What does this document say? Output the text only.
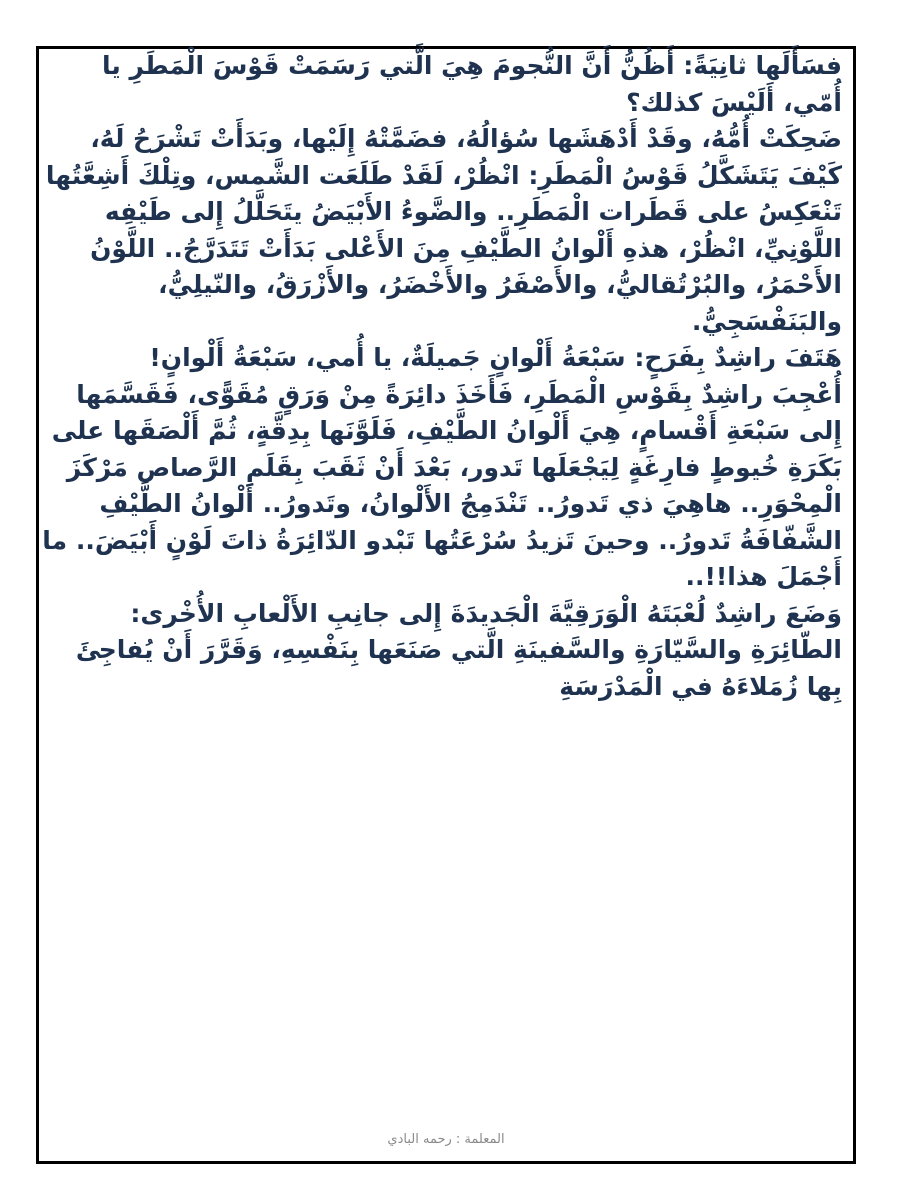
فسَأَلَها ثانِيَةً: أَظُنُّ أَنَّ النُّجومَ هِيَ الَّتي رَسَمَتْ قَوْسَ الْمَطَرِ يا أُمّي، أَلَيْسَ كذلك؟

ضَحِكَتْ أُمُّهُ، وقَدْ أَدْهَشَها سُؤالُهُ، فضَمَّتْهُ إِلَيْها، وبَدَأَتْ تَشْرَحُ لَهُ، كَيْفَ يَتَشَكَّلُ قَوْسُ الْمَطَرِ: انْظُرْ، لَقَدْ طَلَعَت الشَّمس، وتِلْكَ أَشِعَّتُها تَنْعَكِسُ على قَطَرات الْمَطَرِ.. والضَّوءُ الأَبْيَضُ يتَحَلَّلُ إِلى طَيْفِه اللَّوْنِيِّ، انْظُرْ، هذهِ أَلْوانُ الطَّيْفِ مِنَ الأَعْلى بَدَأَتْ تَتَدَرَّجُ.. اللَّوْنُ الأَحْمَرُ، والبُرْتُقاليُّ، والأَصْفَرُ والأَخْضَرُ، والأَزْرَقُ، والنّيلِيُّ، والبَنَفْسَجِيُّ.

هَتَفَ راشِدٌ بِفَرَحٍ: سَبْعَةُ أَلْوانٍ جَميلَةٌ، يا أُمي، سَبْعَةُ أَلْوانٍ!

أُعْجِبَ راشِدٌ بِقَوْسِ الْمَطَرِ، فَأَخَذَ دائِرَةً مِنْ وَرَقٍ مُقَوًّى، فَقَسَّمَها إِلى سَبْعَةِ أَقْسامٍ، هِيَ أَلْوانُ الطَّيْفِ، فَلَوَّنَها بِدِقَّةٍ، ثُمَّ أَلْصَقَها على بَكَرَةِ خُيوطٍ فارِغَةٍ لِيَجْعَلَها تَدور، بَعْدَ أَنْ ثَقَبَ بِقَلَمِ الرَّصاص مَرْكَزَ الْمِحْوَرِ.. هاهِيَ ذي تَدورُ.. تَنْدَمِجُ الأَلْوانُ، وتَدورُ.. أَلْوانُ الطَّيْفِ الشَّفّافَةُ تَدورُ.. وحينَ تَزيدُ سُرْعَتُها تَبْدو الدّائِرَةُ ذاتَ لَوْنٍ أَبْيَضَ.. ما أَجْمَلَ هذا!!..

وَضَعَ راشِدٌ لُعْبَتَهُ الْوَرَقِيَّةَ الْجَديدَةَ إِلى جانِبِ الأَلْعابِ الأُخْرى: الطّائِرَةِ والسَّيّارَةِ والسَّفينَةِ الَّتي صَنَعَها بِنَفْسِهِ، وَقَرَّرَ أَنْ يُفاجِئَ بِها زُمَلاءَهُ في الْمَدْرَسَةِ

المعلمة : رحمه البادي
